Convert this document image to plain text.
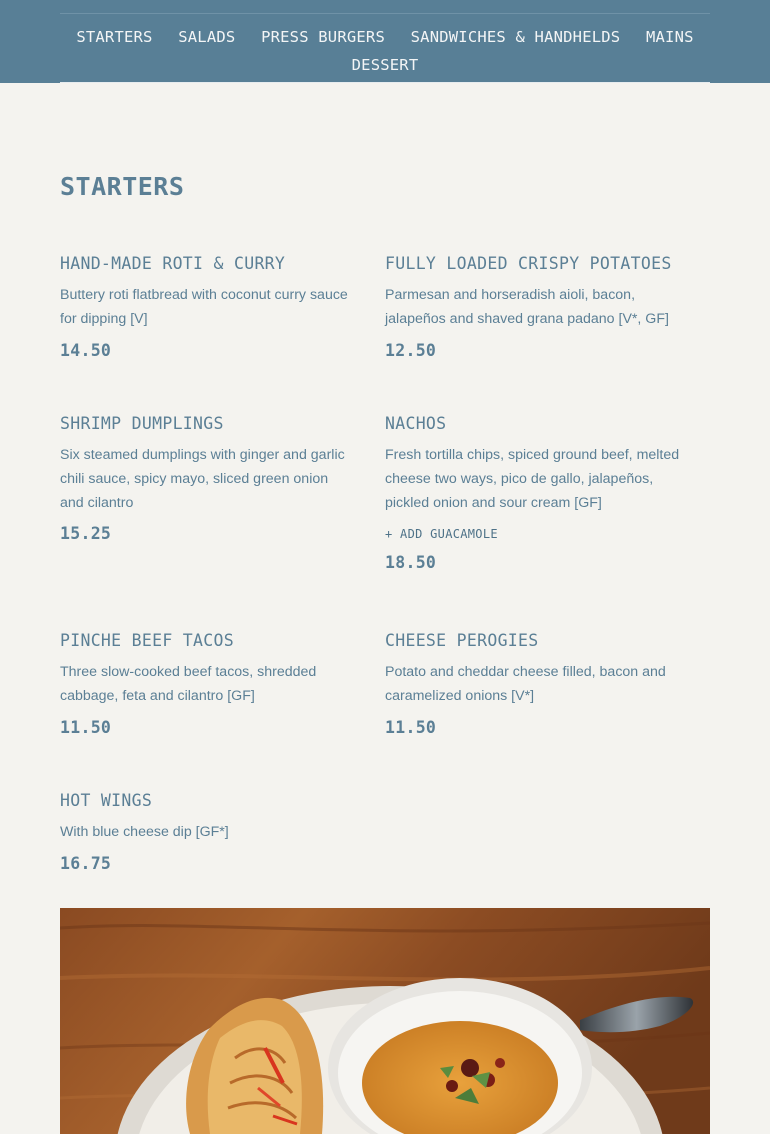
STARTERS SALADS PRESS BURGERS SANDWICHES & HANDHELDS MAINS
DESSERT
STARTERS
HAND-MADE ROTI & CURRY
Buttery roti flatbread with coconut curry sauce for dipping [V]
14.50
FULLY LOADED CRISPY POTATOES
Parmesan and horseradish aioli, bacon, jalapeños and shaved grana padano [V*, GF]
12.50
SHRIMP DUMPLINGS
Six steamed dumplings with ginger and garlic chili sauce, spicy mayo, sliced green onion and cilantro
15.25
NACHOS
Fresh tortilla chips, spiced ground beef, melted cheese two ways, pico de gallo, jalapeños, pickled onion and sour cream [GF]
+ ADD GUACAMOLE
18.50
PINCHE BEEF TACOS
Three slow-cooked beef tacos, shredded cabbage, feta and cilantro [GF]
11.50
CHEESE PEROGIES
Potato and cheddar cheese filled, bacon and caramelized onions [V*]
11.50
HOT WINGS
With blue cheese dip [GF*]
16.75
